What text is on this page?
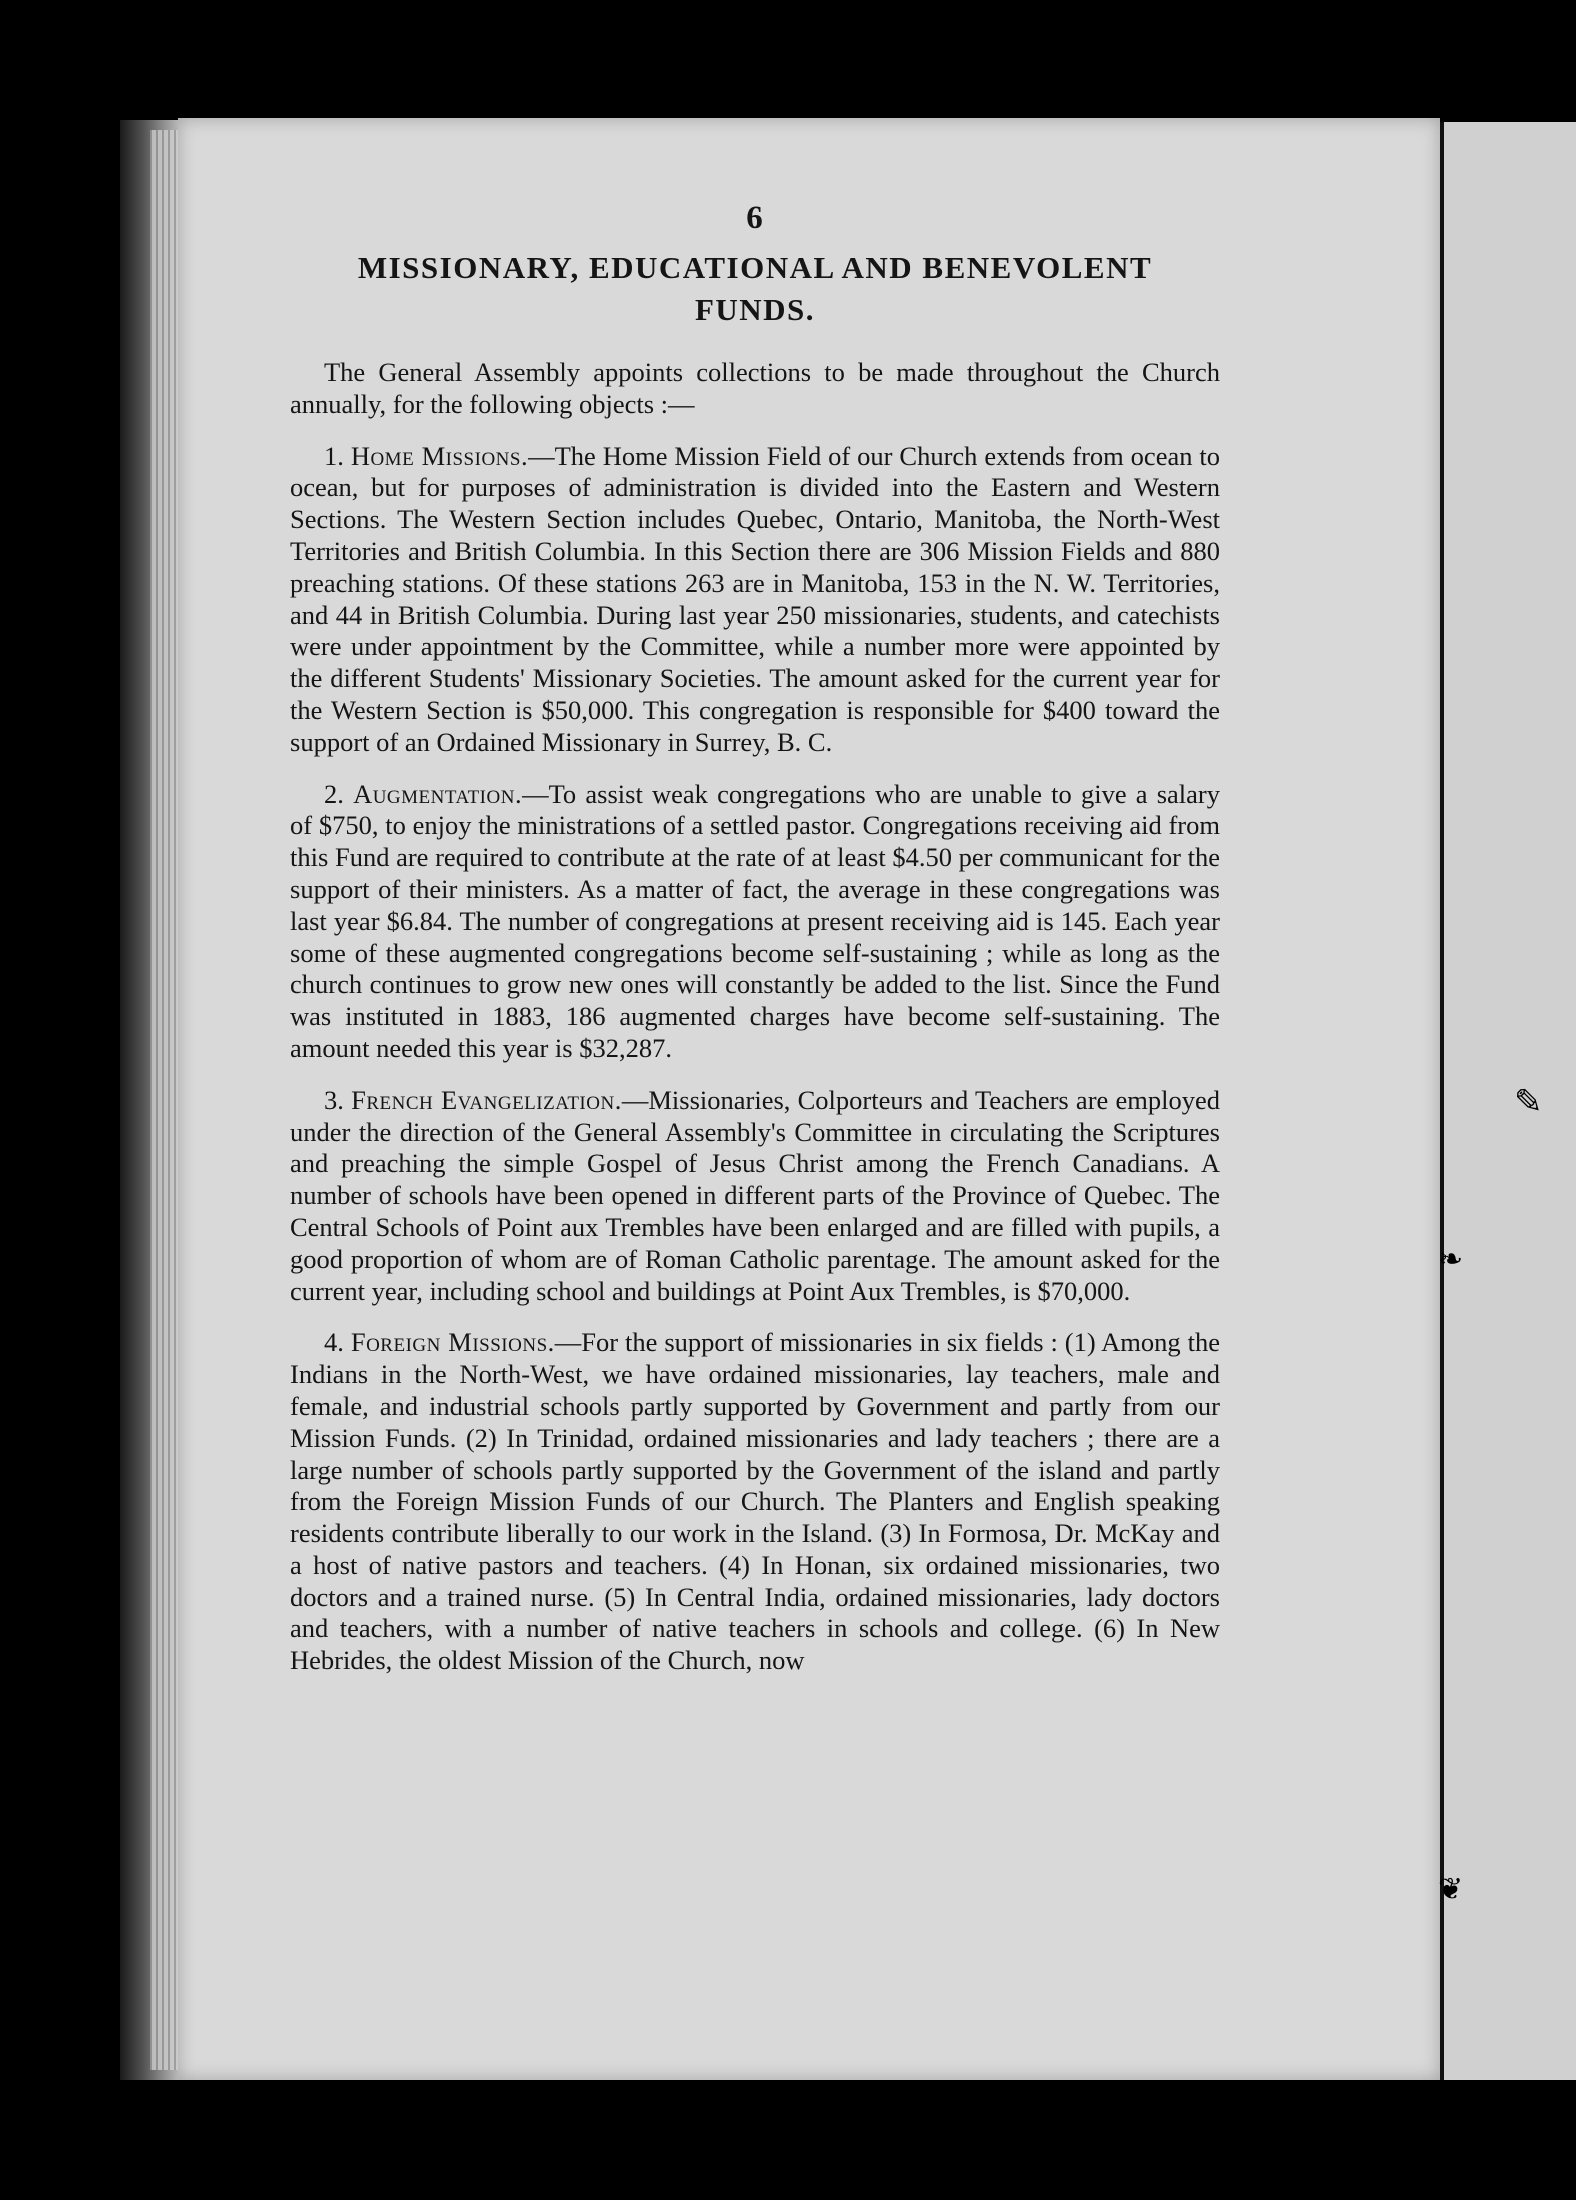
✎
❧
❦
6
MISSIONARY, EDUCATIONAL AND BENEVOLENT
FUNDS.

The General Assembly appoints collections to be made throughout the Church annually, for the following objects :—

1. Home Missions.—The Home Mission Field of our Church extends from ocean to ocean, but for purposes of administration is divided into the Eastern and Western Sections. The Western Section includes Quebec, Ontario, Manitoba, the North-West Territories and British Columbia. In this Section there are 306 Mission Fields and 880 preaching stations. Of these stations 263 are in Manitoba, 153 in the N. W. Territories, and 44 in British Columbia. During last year 250 missionaries, students, and catechists were under appointment by the Committee, while a number more were appointed by the different Students' Missionary Societies. The amount asked for the current year for the Western Section is $50,000. This congregation is responsible for $400 toward the support of an Ordained Missionary in Surrey, B. C.

2. Augmentation.—To assist weak congregations who are unable to give a salary of $750, to enjoy the ministrations of a settled pastor. Congregations receiving aid from this Fund are required to contribute at the rate of at least $4.50 per communicant for the support of their ministers. As a matter of fact, the average in these congregations was last year $6.84. The number of congregations at present receiving aid is 145. Each year some of these augmented congregations become self-sustaining ; while as long as the church continues to grow new ones will constantly be added to the list. Since the Fund was instituted in 1883, 186 augmented charges have become self-sustaining. The amount needed this year is $32,287.

3. French Evangelization.—Missionaries, Colporteurs and Teachers are employed under the direction of the General Assembly's Committee in circulating the Scriptures and preaching the simple Gospel of Jesus Christ among the French Canadians. A number of schools have been opened in different parts of the Province of Quebec. The Central Schools of Point aux Trembles have been enlarged and are filled with pupils, a good proportion of whom are of Roman Catholic parentage. The amount asked for the current year, including school and buildings at Point Aux Trembles, is $70,000.

4. Foreign Missions.—For the support of missionaries in six fields : (1) Among the Indians in the North-West, we have ordained missionaries, lay teachers, male and female, and industrial schools partly supported by Government and partly from our Mission Funds. (2) In Trinidad, ordained missionaries and lady teachers ; there are a large number of schools partly supported by the Government of the island and partly from the Foreign Mission Funds of our Church. The Planters and English speaking residents contribute liberally to our work in the Island. (3) In Formosa, Dr. McKay and a host of native pastors and teachers. (4) In Honan, six ordained missionaries, two doctors and a trained nurse. (5) In Central India, ordained missionaries, lady doctors and teachers, with a number of native teachers in schools and college. (6) In New Hebrides, the oldest Mission of the Church, now
